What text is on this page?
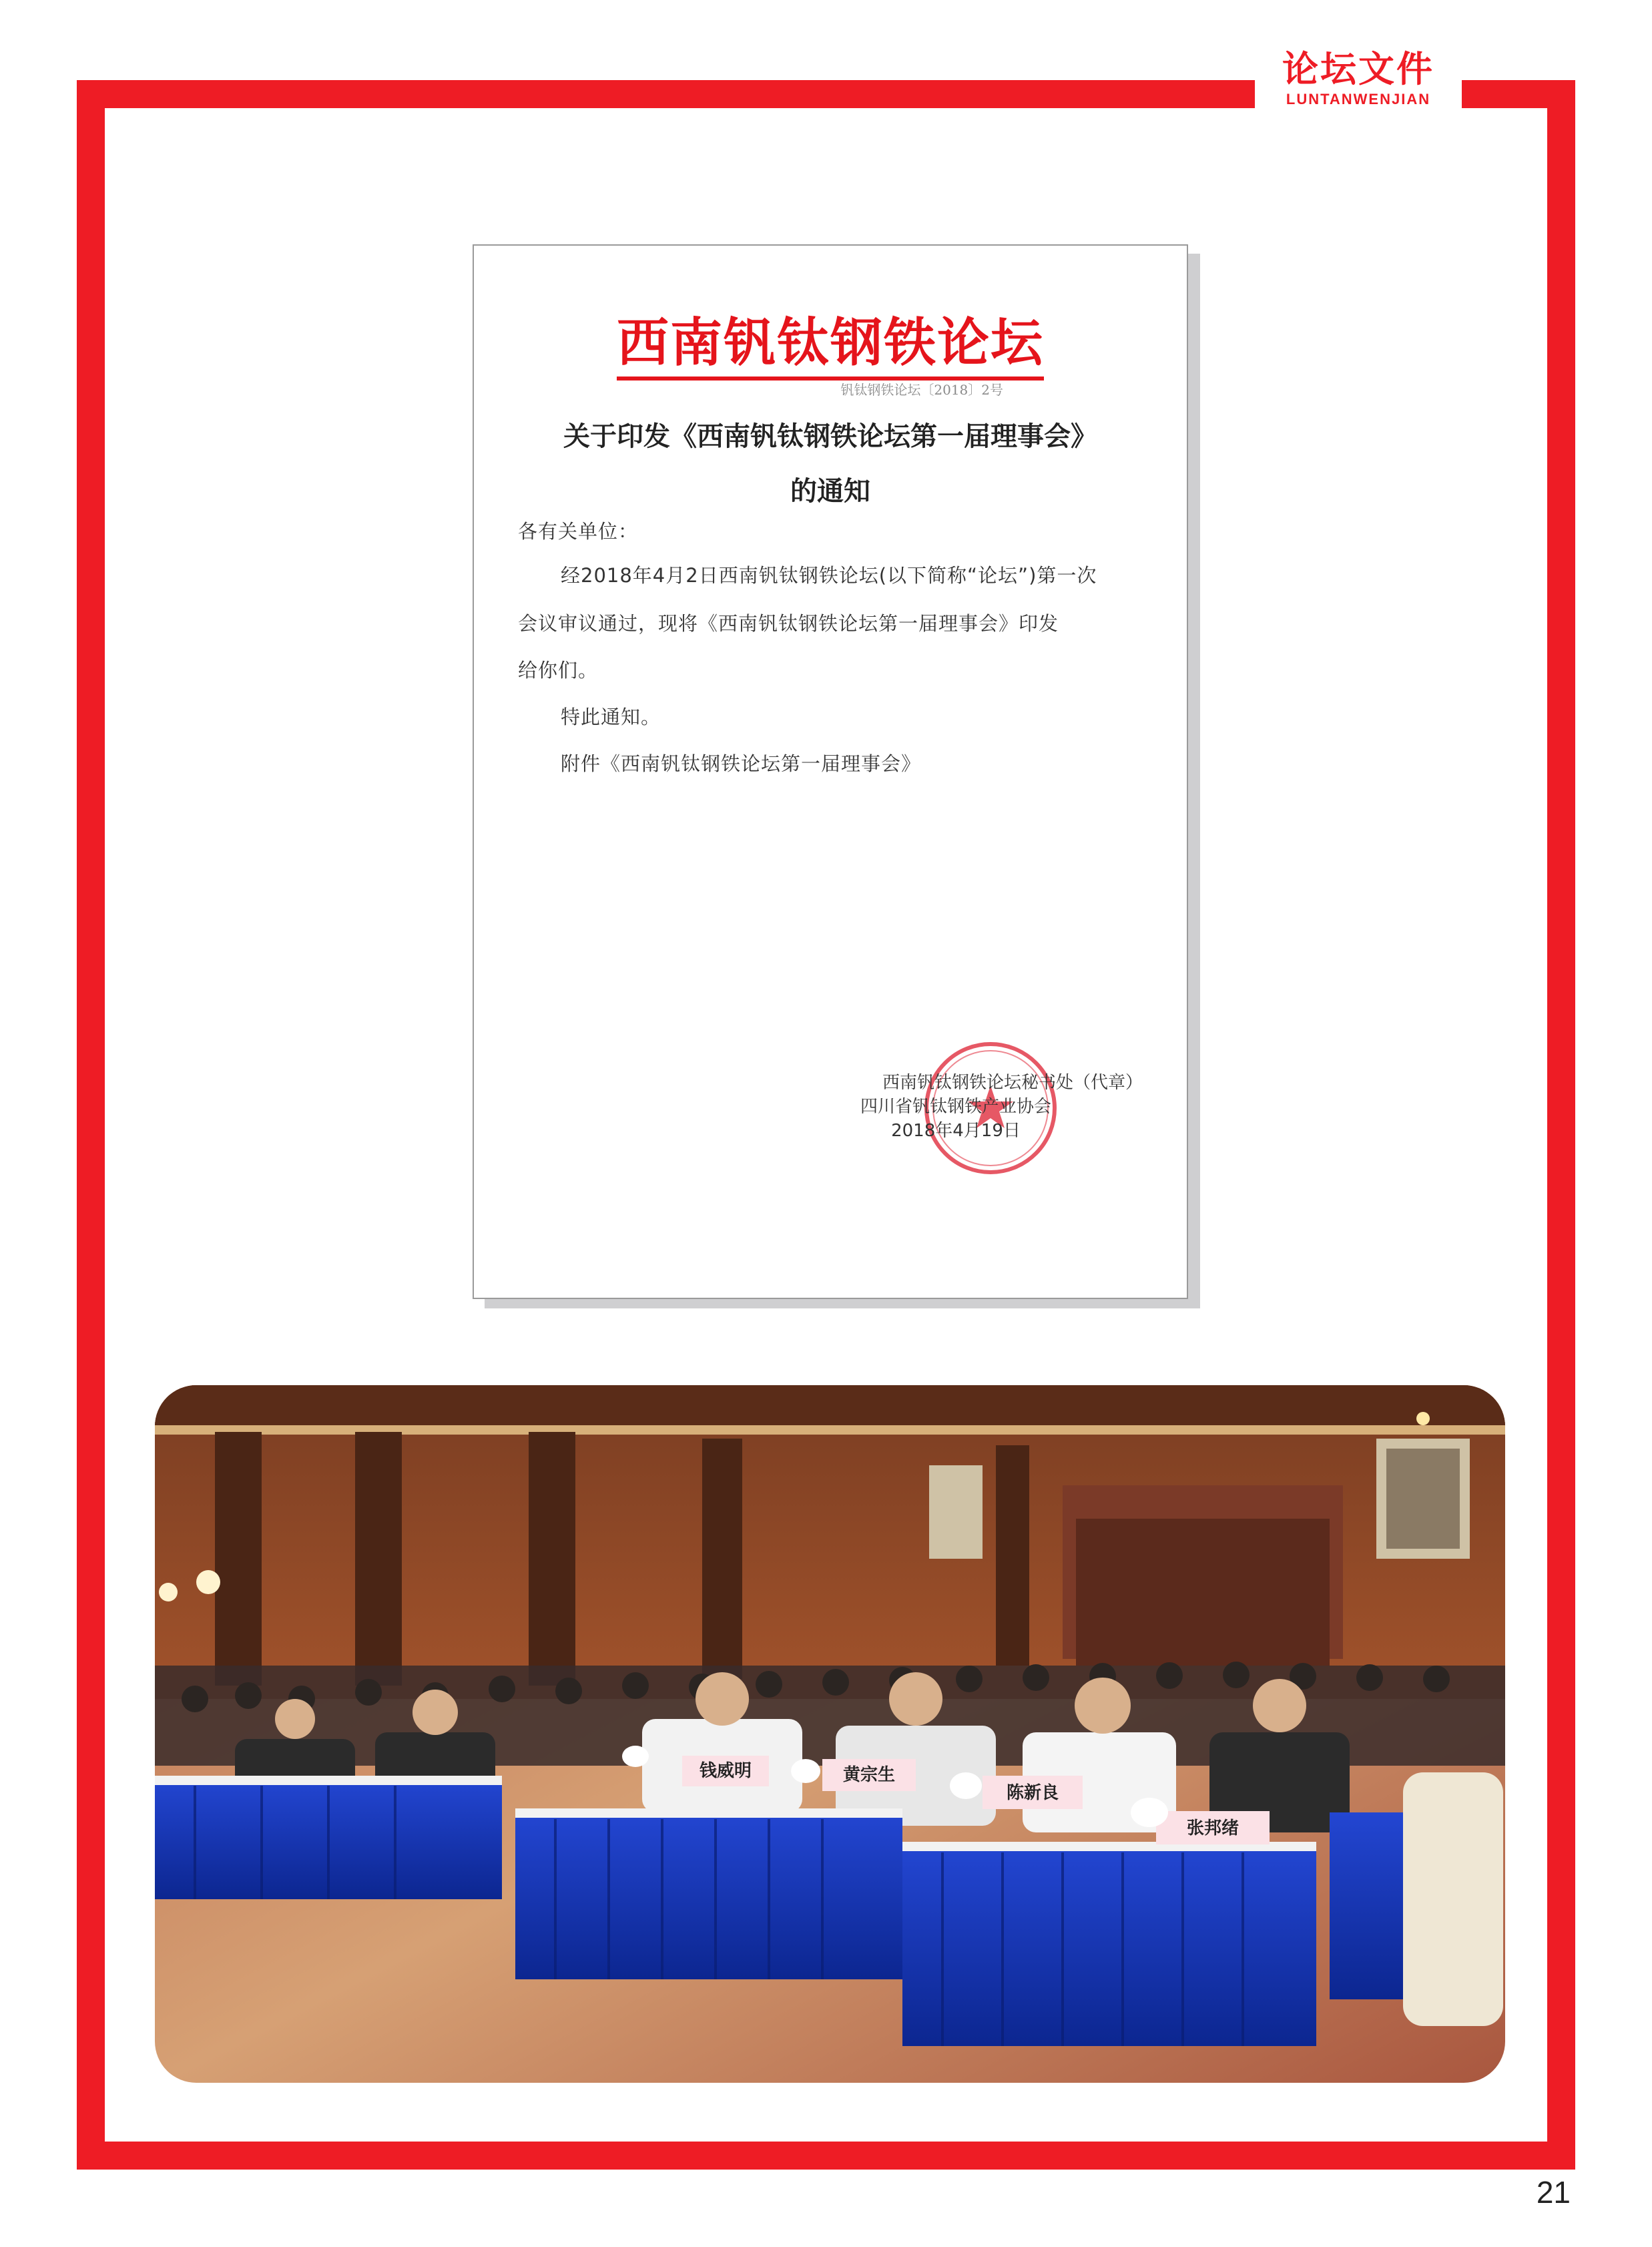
论坛文件
LUNTANWENJIAN
西南钒钛钢铁论坛
钒钛钢铁论坛〔2018〕2号
关于印发《西南钒钛钢铁论坛第一届理事会》
的通知
各有关单位：
经2018年4月2日西南钒钛钢铁论坛(以下简称“论坛”)第一次
会议审议通过，现将《西南钒钛钢铁论坛第一届理事会》印发
给你们。
特此通知。
附件《西南钒钛钢铁论坛第一届理事会》
西南钒钛钢铁论坛秘书处（代章）
四川省钒钛钢铁产业协会
2018年4月19日
张邦绪
陈新良
黄宗生
钱威明
21
